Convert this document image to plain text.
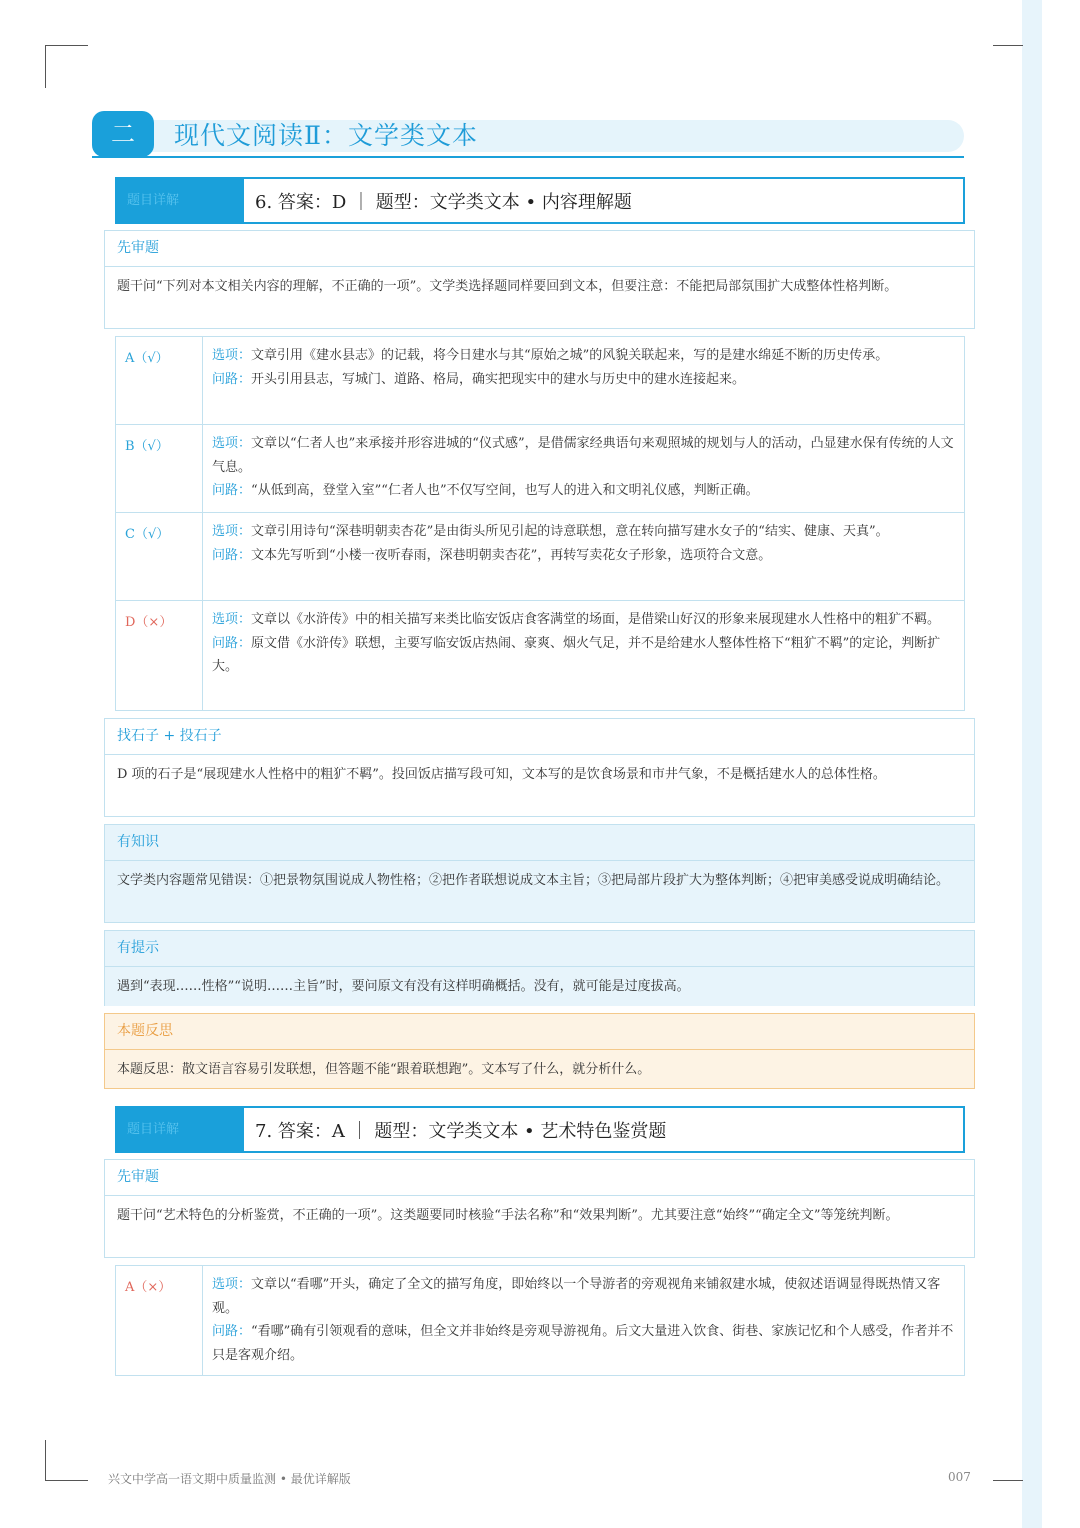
二	现代文阅读Ⅱ：文学类文本
题目详解	6. 答案：D ｜ 题型：文学类文本 • 内容理解题
先审题
题干问“下列对本文相关内容的理解，不正确的一项”。文学类选择题同样要回到文本，但要注意：不能把局部氛围扩大成整体性格判断。
A（√）	选项：文章引用《建水县志》的记载，将今日建水与其“原始之城”的风貌关联起来，写的是建水绵延不断的历史传承。
问路：开头引用县志，写城门、道路、格局，确实把现实中的建水与历史中的建水连接起来。
B（√）	选项：文章以“仁者人也”来承接并形容进城的“仪式感”，是借儒家经典语句来观照城的规划与人的活动，凸显建水保有传统的人文气息。
问路：“从低到高，登堂入室”“仁者人也”不仅写空间，也写人的进入和文明礼仪感，判断正确。
C（√）	选项：文章引用诗句“深巷明朝卖杏花”是由街头所见引起的诗意联想，意在转向描写建水女子的“结实、健康、天真”。
问路：文本先写听到“小楼一夜听春雨，深巷明朝卖杏花”，再转写卖花女子形象，选项符合文意。
D（×）	选项：文章以《水浒传》中的相关描写来类比临安饭店食客满堂的场面，是借梁山好汉的形象来展现建水人性格中的粗犷不羁。
问路：原文借《水浒传》联想，主要写临安饭店热闹、豪爽、烟火气足，并不是给建水人整体性格下“粗犷不羁”的定论，判断扩大。
找石子 + 投石子
D 项的石子是“展现建水人性格中的粗犷不羁”。投回饭店描写段可知，文本写的是饮食场景和市井气象，不是概括建水人的总体性格。
有知识
文学类内容题常见错误：①把景物氛围说成人物性格；②把作者联想说成文本主旨；③把局部片段扩大为整体判断；④把审美感受说成明确结论。
有提示
遇到“表现……性格”“说明……主旨”时，要问原文有没有这样明确概括。没有，就可能是过度拔高。
本题反思
本题反思：散文语言容易引发联想，但答题不能“跟着联想跑”。文本写了什么，就分析什么。
题目详解	7. 答案：A ｜ 题型：文学类文本 • 艺术特色鉴赏题
先审题
题干问“艺术特色的分析鉴赏，不正确的一项”。这类题要同时核验“手法名称”和“效果判断”。尤其要注意“始终”“确定全文”等笼统判断。
A（×）	选项：文章以“看哪”开头，确定了全文的描写角度，即始终以一个导游者的旁观视角来铺叙建水城，使叙述语调显得既热情又客观。
问路：“看哪”确有引领观看的意味，但全文并非始终是旁观导游视角。后文大量进入饮食、街巷、家族记忆和个人感受，作者并不只是客观介绍。
兴文中学高一语文期中质量监测 • 最优详解版	007
